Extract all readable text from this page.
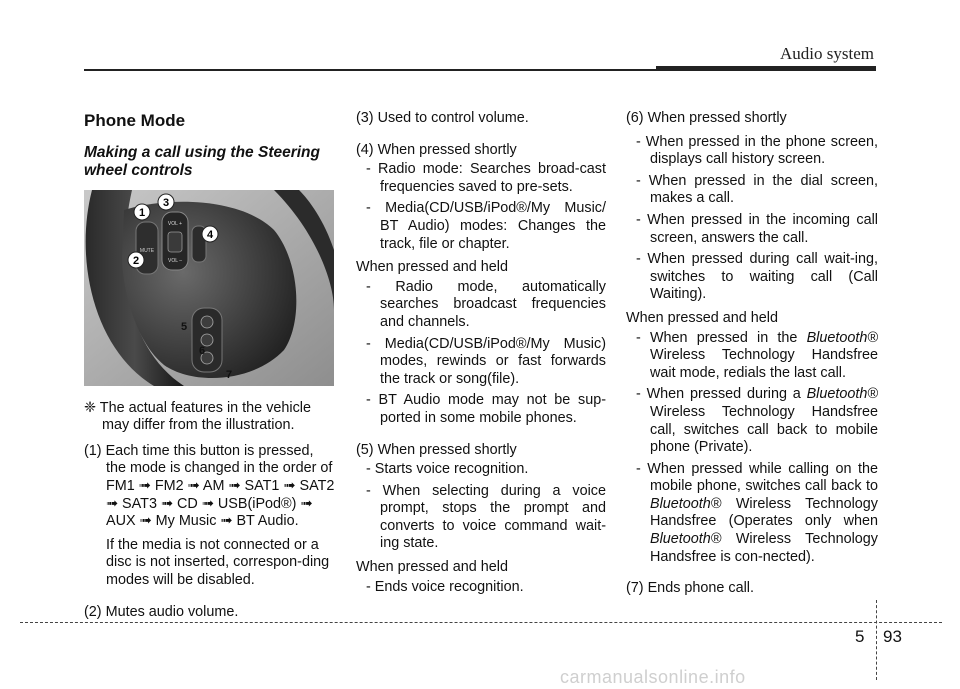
Audio system
Phone Mode
Making a call using the Steering wheel controls
MUTE
VOL +
VOL –
1
2
3
4
5
6
7

❈ The actual features in the vehicle may differ from the illustration.

(1) Each time this button is pressed, the mode is changed in the order of FM1 ➟ FM2 ➟ AM ➟ SAT1 ➟ SAT2 ➟ SAT3 ➟ CD ➟ USB(iPod®) ➟ AUX ➟ My Music ➟ BT Audio.

If the media is not connected or a disc is not inserted, correspon-ding modes will be disabled.

(2) Mutes audio volume.

(3) Used to control volume.

(4) When pressed shortly

- Radio mode: Searches broad-cast frequencies saved to pre-sets.

- Media(CD/USB/iPod®/My Music/ BT Audio) modes: Changes the track, file or chapter.

When pressed and held

- Radio mode, automatically searches broadcast frequencies and channels.

- Media(CD/USB/iPod®/My Music) modes, rewinds or fast forwards the track or song(file).

- BT Audio mode may not be sup-ported in some mobile phones.

(5) When pressed shortly

- Starts voice recognition.

- When selecting during a voice prompt, stops the prompt and converts to voice command wait-ing state.

When pressed and held

- Ends voice recognition.

(6) When pressed shortly

- When pressed in the phone screen, displays call history screen.

- When pressed in the dial screen, makes a call.

- When pressed in the incoming call screen, answers the call.

- When pressed during call wait-ing, switches to waiting call (Call Waiting).

When pressed and held

- When pressed in the Bluetooth® Wireless Technology Handsfree wait mode, redials the last call.

- When pressed during a Bluetooth® Wireless Technology Handsfree call, switches call back to mobile phone (Private).

- When pressed while calling on the mobile phone, switches call back to Bluetooth® Wireless Technology Handsfree (Operates only when Bluetooth® Wireless Technology Handsfree is con-nected).

(7) Ends phone call.

5 93
carmanualsonline.info
